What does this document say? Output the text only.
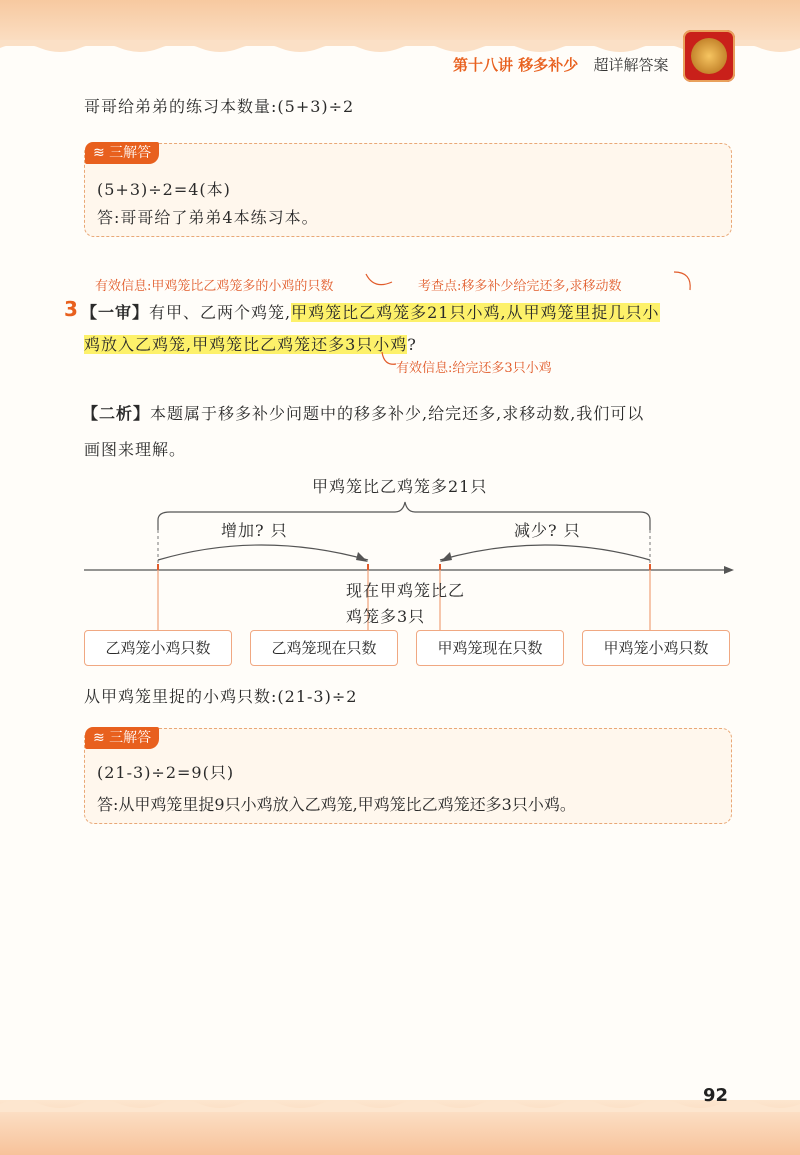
第十八讲 移多补少 超详解答案
哥哥给弟弟的练习本数量:(5+3)÷2
≋ 三解答
(5+3)÷2=4(本)
答:哥哥给了弟弟4本练习本。
有效信息:甲鸡笼比乙鸡笼多的小鸡的只数	考查点:移多补少给完还多,求移动数
3 【一审】有甲、乙两个鸡笼,甲鸡笼比乙鸡笼多21只小鸡,从甲鸡笼里捉几只小
鸡放入乙鸡笼,甲鸡笼比乙鸡笼还多3只小鸡?
有效信息:给完还多3只小鸡
【二析】本题属于移多补少问题中的移多补少,给完还多,求移动数,我们可以
画图来理解。
甲鸡笼比乙鸡笼多21只
增加? 只	减少? 只
现在甲鸡笼比乙
鸡笼多3只
乙鸡笼小鸡只数	乙鸡笼现在只数	甲鸡笼现在只数	甲鸡笼小鸡只数
从甲鸡笼里捉的小鸡只数:(21-3)÷2
≋ 三解答
(21-3)÷2=9(只)
答:从甲鸡笼里捉9只小鸡放入乙鸡笼,甲鸡笼比乙鸡笼还多3只小鸡。
92
